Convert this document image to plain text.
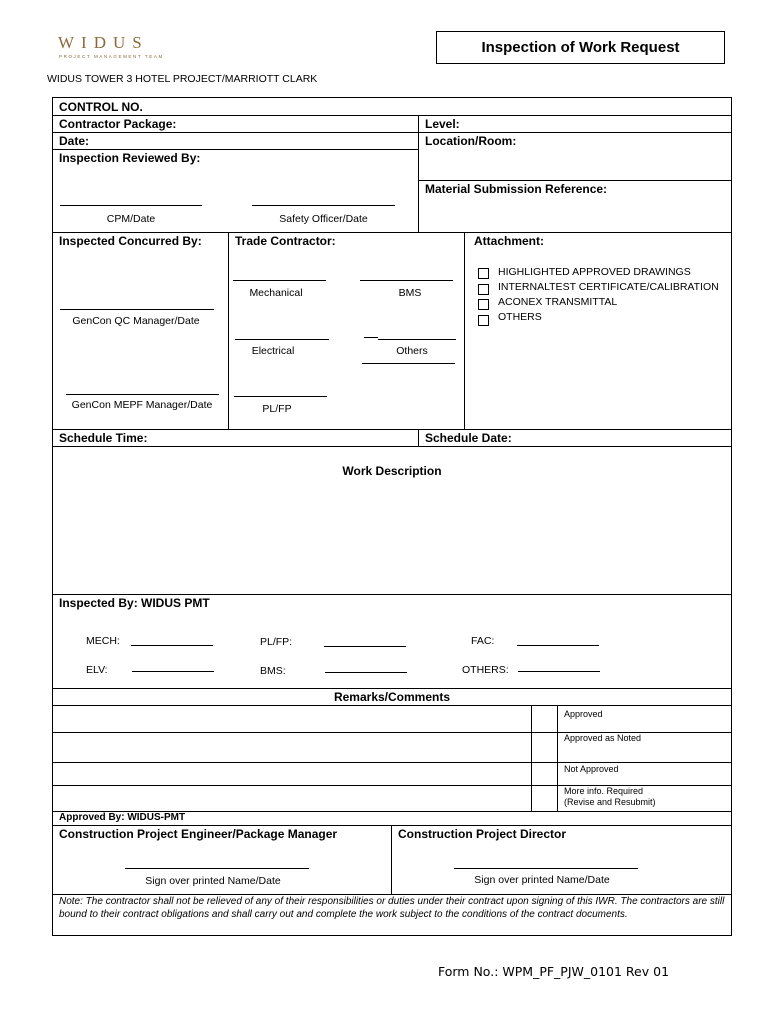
WIDUS
PROJECT MANAGEMENT TEAM
Inspection of Work Request
WIDUS TOWER 3 HOTEL PROJECT/MARRIOTT CLARK
CONTROL NO.
Contractor Package:	Level:
Date:	Location/Room:
Inspection Reviewed By:
Material Submission Reference:
CPM/Date	Safety Officer/Date
Inspected Concurred By:	Trade Contractor:	Attachment:
GenCon QC Manager/Date
GenCon MEPF Manager/Date
Mechanical	BMS
Electrical	Others
PL/FP
HIGHLIGHTED APPROVED DRAWINGS
INTERNALTEST CERTIFICATE/CALIBRATION
ACONEX TRANSMITTAL
OTHERS
Schedule Time:	Schedule Date:
Work Description
Inspected By: WIDUS PMT
MECH:	PL/FP:	FAC:
ELV:	BMS:	OTHERS:
Remarks/Comments
Approved
Approved as Noted
Not Approved
More info. Required
(Revise and Resubmit)
Approved By: WIDUS-PMT
Construction Project Engineer/Package Manager	Construction Project Director
Sign over printed Name/Date	Sign over printed Name/Date
Note: The contractor shall not be relieved of any of their responsibilities or duties under their contract upon signing of this IWR. The contractors are still bound to their contract obligations and shall carry out and complete the work subject to the conditions of the contract documents.
Form No.: WPM_PF_PJW_0101 Rev 01
